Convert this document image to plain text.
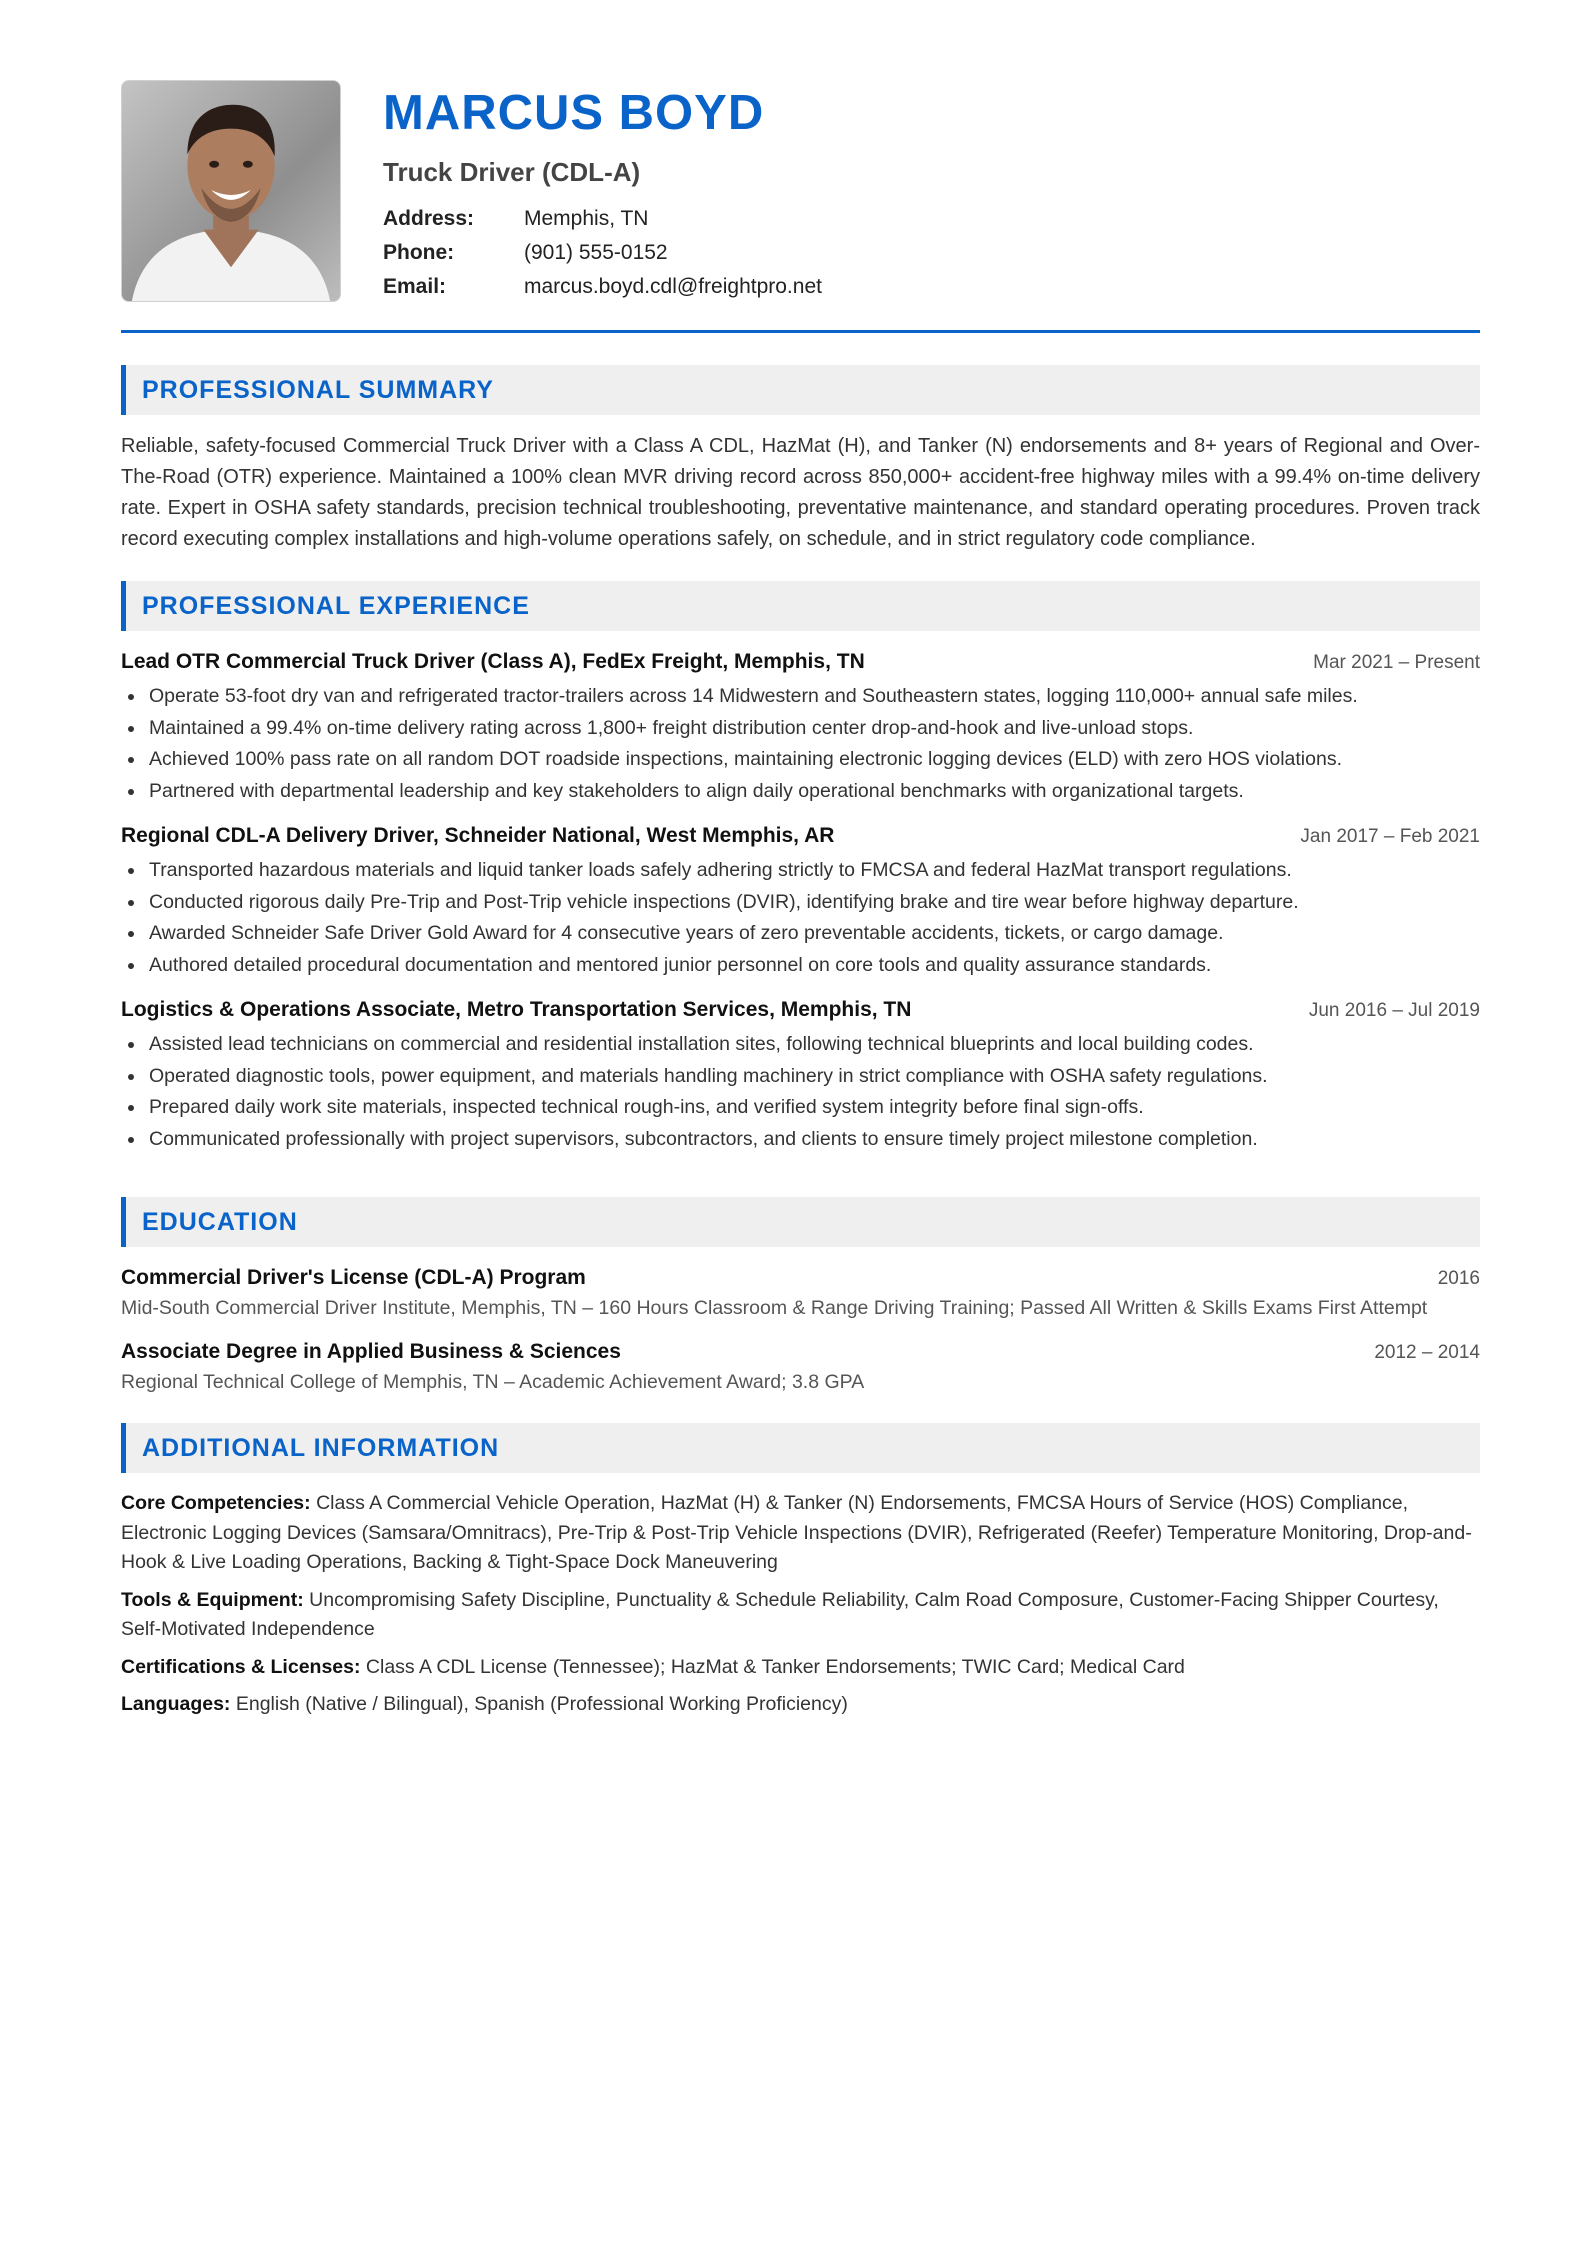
MARCUS BOYD
Truck Driver (CDL-A)
Address:	Memphis, TN
Phone:	(901) 555-0152
Email:	marcus.boyd.cdl@freightpro.net
PROFESSIONAL SUMMARY

Reliable, safety-focused Commercial Truck Driver with a Class A CDL, HazMat (H), and Tanker (N) endorsements and 8+ years of Regional and Over-The-Road (OTR) experience. Maintained a 100% clean MVR driving record across 850,000+ accident-free highway miles with a 99.4% on-time delivery rate. Expert in OSHA safety standards, precision technical troubleshooting, preventative maintenance, and standard operating procedures. Proven track record executing complex installations and high-volume operations safely, on schedule, and in strict regulatory code compliance.

PROFESSIONAL EXPERIENCE
Lead OTR Commercial Truck Driver (Class A), FedEx Freight, Memphis, TN	Mar 2021 – Present
Operate 53-foot dry van and refrigerated tractor-trailers across 14 Midwestern and Southeastern states, logging 110,000+ annual safe miles.
Maintained a 99.4% on-time delivery rating across 1,800+ freight distribution center drop-and-hook and live-unload stops.
Achieved 100% pass rate on all random DOT roadside inspections, maintaining electronic logging devices (ELD) with zero HOS violations.
Partnered with departmental leadership and key stakeholders to align daily operational benchmarks with organizational targets.
Regional CDL-A Delivery Driver, Schneider National, West Memphis, AR	Jan 2017 – Feb 2021
Transported hazardous materials and liquid tanker loads safely adhering strictly to FMCSA and federal HazMat transport regulations.
Conducted rigorous daily Pre-Trip and Post-Trip vehicle inspections (DVIR), identifying brake and tire wear before highway departure.
Awarded Schneider Safe Driver Gold Award for 4 consecutive years of zero preventable accidents, tickets, or cargo damage.
Authored detailed procedural documentation and mentored junior personnel on core tools and quality assurance standards.
Logistics & Operations Associate, Metro Transportation Services, Memphis, TN	Jun 2016 – Jul 2019
Assisted lead technicians on commercial and residential installation sites, following technical blueprints and local building codes.
Operated diagnostic tools, power equipment, and materials handling machinery in strict compliance with OSHA safety regulations.
Prepared daily work site materials, inspected technical rough-ins, and verified system integrity before final sign-offs.
Communicated professionally with project supervisors, subcontractors, and clients to ensure timely project milestone completion.
EDUCATION
Commercial Driver's License (CDL-A) Program	2016
Mid-South Commercial Driver Institute, Memphis, TN – 160 Hours Classroom & Range Driving Training; Passed All Written & Skills Exams First Attempt
Associate Degree in Applied Business & Sciences	2012 – 2014
Regional Technical College of Memphis, TN – Academic Achievement Award; 3.8 GPA
ADDITIONAL INFORMATION

Core Competencies: Class A Commercial Vehicle Operation, HazMat (H) & Tanker (N) Endorsements, FMCSA Hours of Service (HOS) Compliance, Electronic Logging Devices (Samsara/Omnitracs), Pre-Trip & Post-Trip Vehicle Inspections (DVIR), Refrigerated (Reefer) Temperature Monitoring, Drop-and-Hook & Live Loading Operations, Backing & Tight-Space Dock Maneuvering

Tools & Equipment: Uncompromising Safety Discipline, Punctuality & Schedule Reliability, Calm Road Composure, Customer-Facing Shipper Courtesy, Self-Motivated Independence

Certifications & Licenses: Class A CDL License (Tennessee); HazMat & Tanker Endorsements; TWIC Card; Medical Card

Languages: English (Native / Bilingual), Spanish (Professional Working Proficiency)
